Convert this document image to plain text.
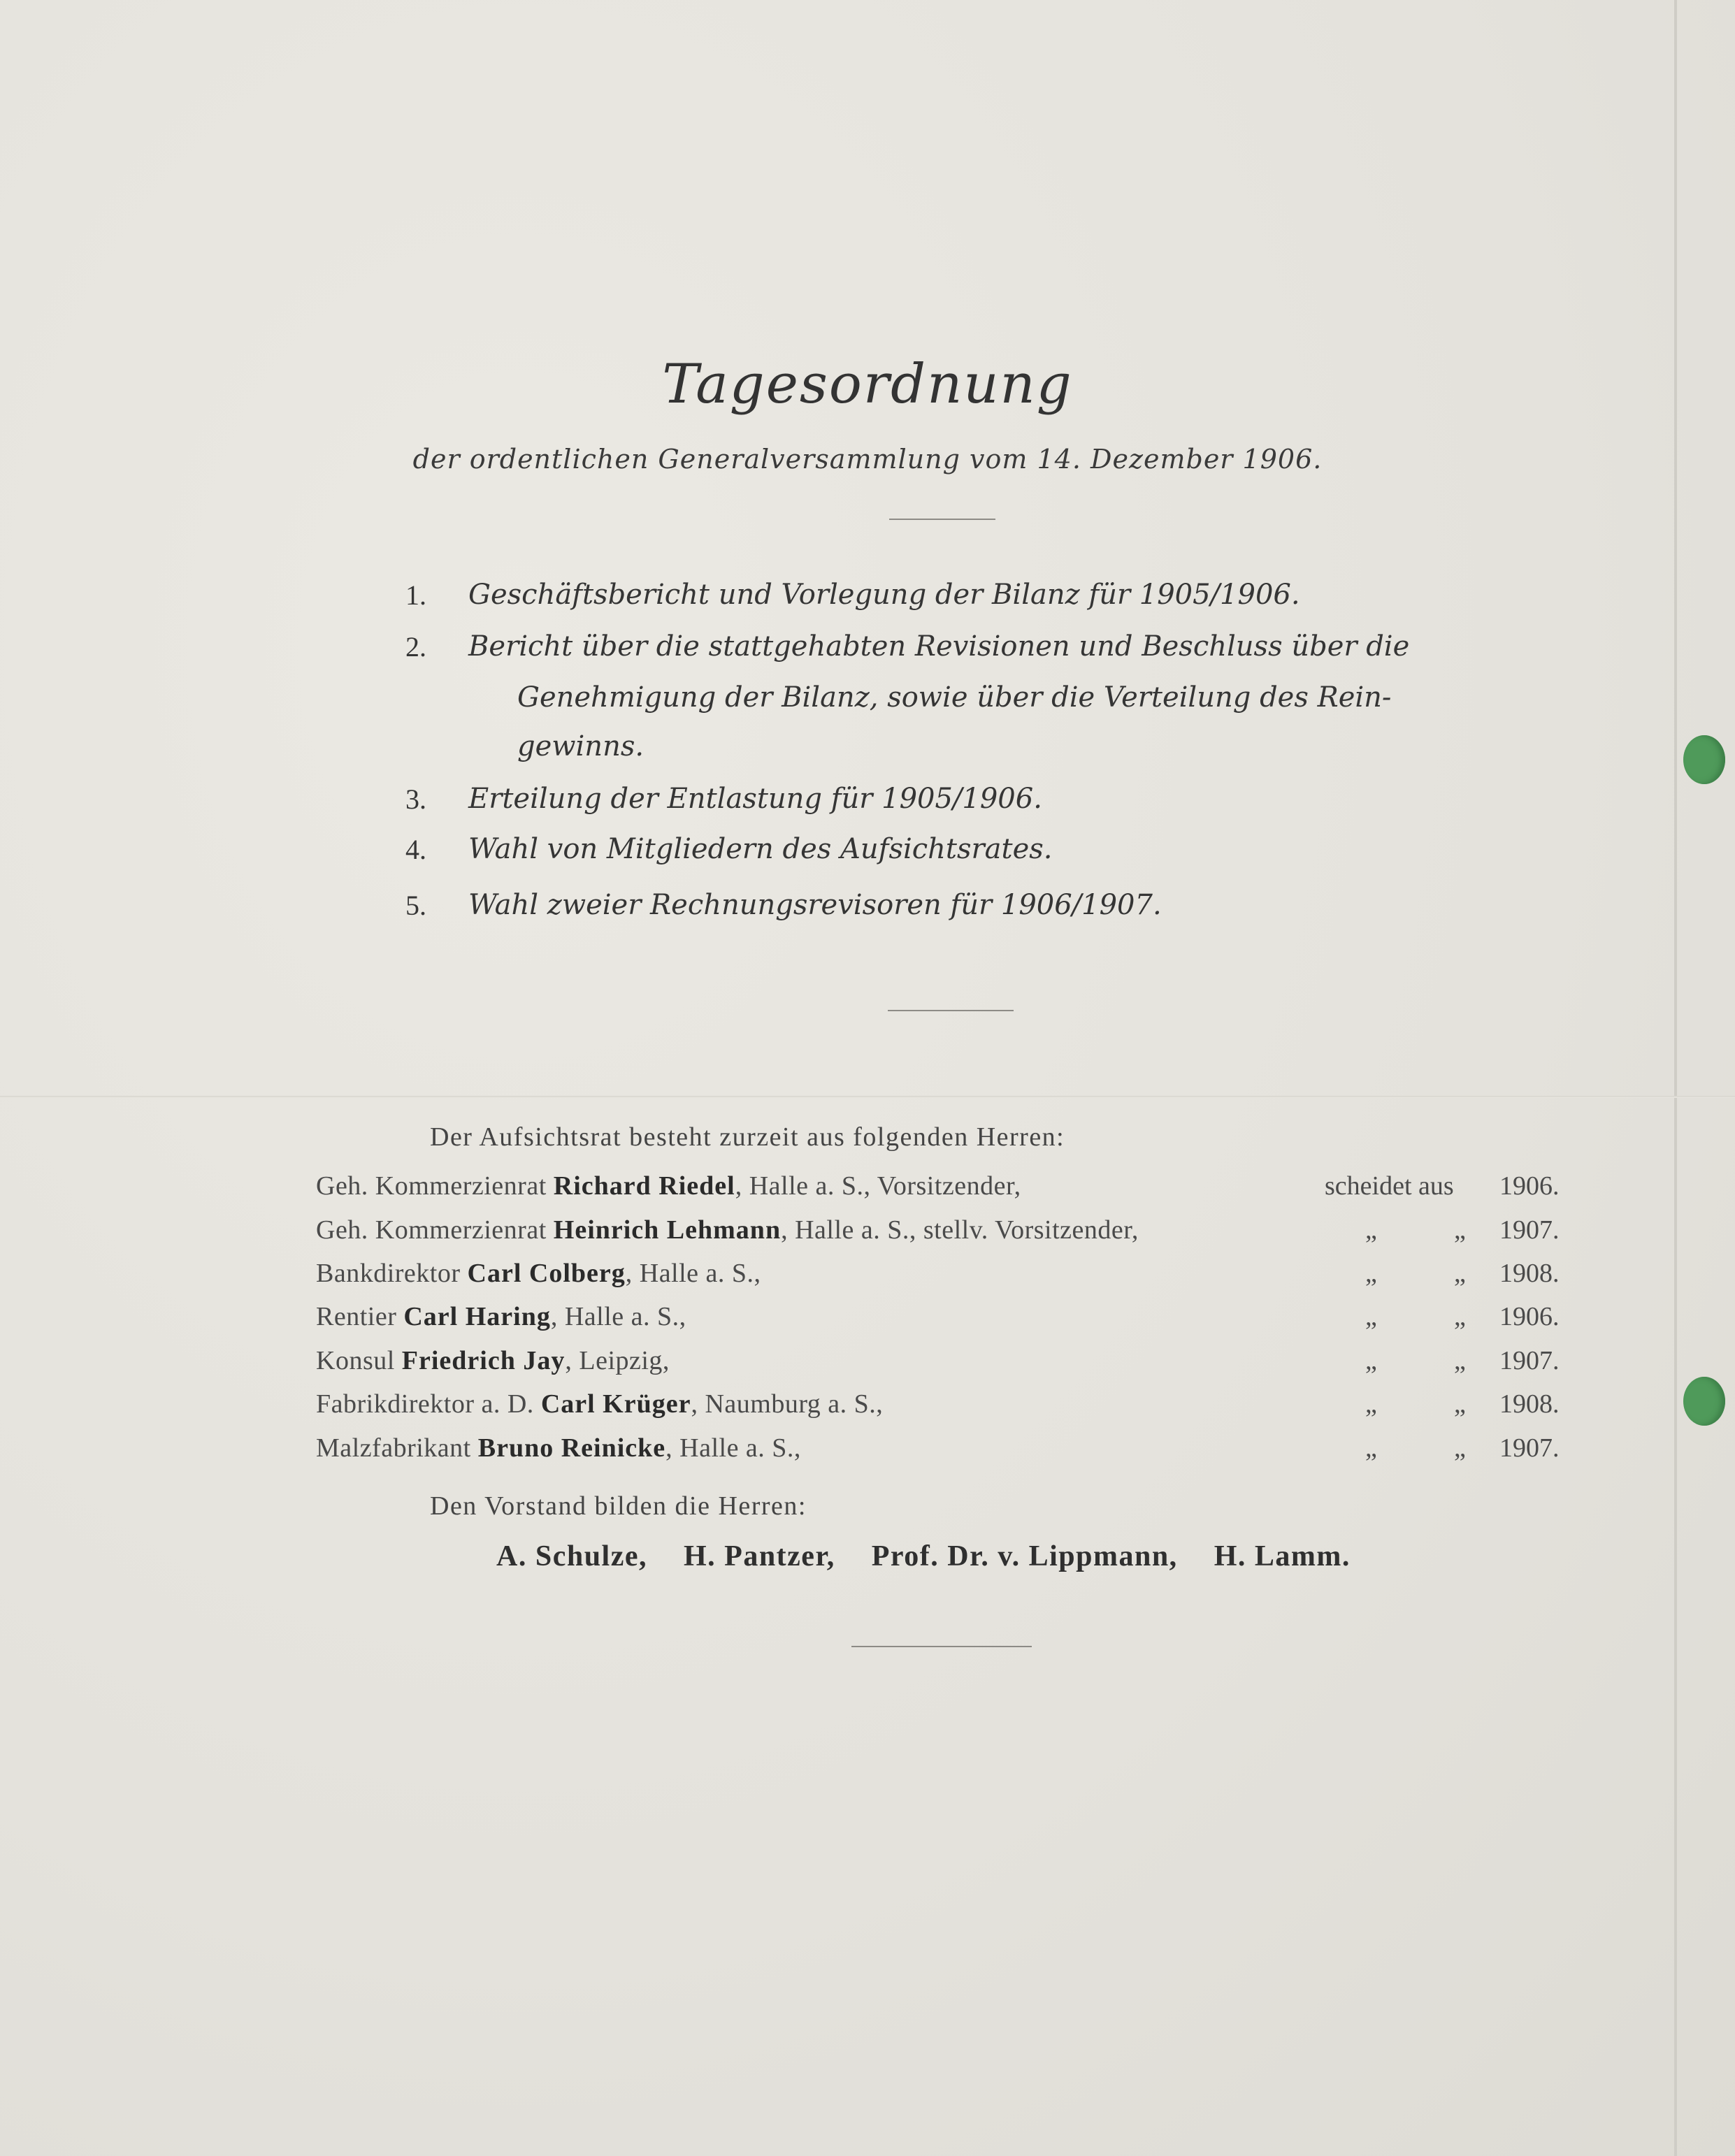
Tagesordnung
der ordentlichen Generalversammlung vom 14. Dezember 1906.
1. Geschäftsbericht und Vorlegung der Bilanz für 1905/1906.
2. Bericht über die stattgehabten Revisionen und Beschluss über die
Genehmigung der Bilanz, sowie über die Verteilung des Rein-
gewinns.
3. Erteilung der Entlastung für 1905/1906.
4. Wahl von Mitgliedern des Aufsichtsrates.
5. Wahl zweier Rechnungsrevisoren für 1906/1907.
Der Aufsichtsrat besteht zurzeit aus folgenden Herren:
Geh. Kommerzienrat Richard Riedel, Halle a. S., Vorsitzender,	scheidet aus 1906.
Geh. Kommerzienrat Heinrich Lehmann, Halle a. S., stellv. Vorsitzender,	„	„ 1907.
Bankdirektor Carl Colberg, Halle a. S.,	„	„ 1908.
Rentier Carl Haring, Halle a. S.,	„	„ 1906.
Konsul Friedrich Jay, Leipzig,	„	„ 1907.
Fabrikdirektor a. D. Carl Krüger, Naumburg a. S.,	„	„ 1908.
Malzfabrikant Bruno Reinicke, Halle a. S.,	„	„ 1907.
Den Vorstand bilden die Herren:
A. Schulze, H. Pantzer, Prof. Dr. v. Lippmann, H. Lamm.
